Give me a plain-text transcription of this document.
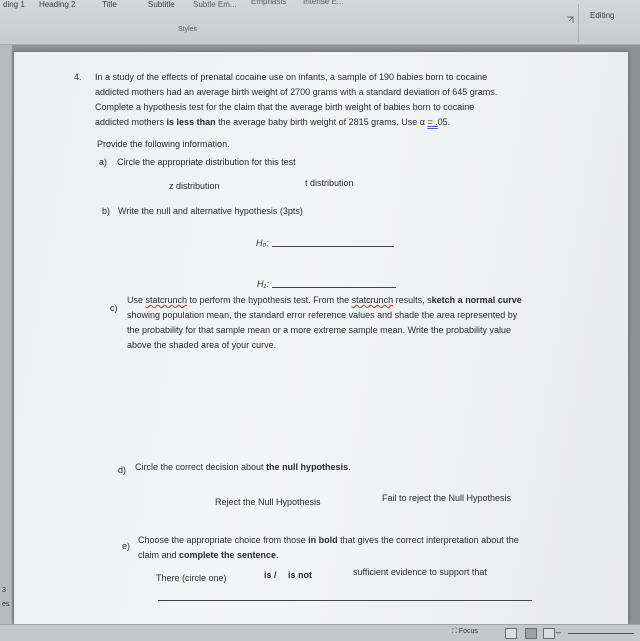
ding 1	Heading 2	Title	Subtitle	Subtle Em...	Emphasis	Intense E...
Styles
Editing
3
es
4. In a study of the effects of prenatal cocaine use on infants, a sample of 190 babies born to cocaine
addicted mothers had an average birth weight of 2700 grams with a standard deviation of 645 grams.
Complete a hypothesis test for the claim that the average birth weight of babies born to cocaine
addicted mothers is less than the average baby birth weight of 2815 grams. Use α = .05.
Provide the following information.
a) Circle the appropriate distribution for this test
z distribution	t distribution
b) Write the null and alternative hypothesis (3pts)
H₀:
H₁:
c)
Use statcrunch to perform the hypothesis test. From the statcrunch results, sketch a normal curve
showing population mean, the standard error reference values and shade the area represented by
the probability for that sample mean or a more extreme sample mean. Write the probability value
above the shaded area of your curve.
d) Circle the correct decision about the null hypothesis.
Reject the Null Hypothesis	Fail to reject the Null Hypothesis
e)
Choose the appropriate choice from those in bold that gives the correct interpretation about the
claim and complete the sentence.
There (circle one)	is / is not	sufficient evidence to support that
⛶ Focus	–
